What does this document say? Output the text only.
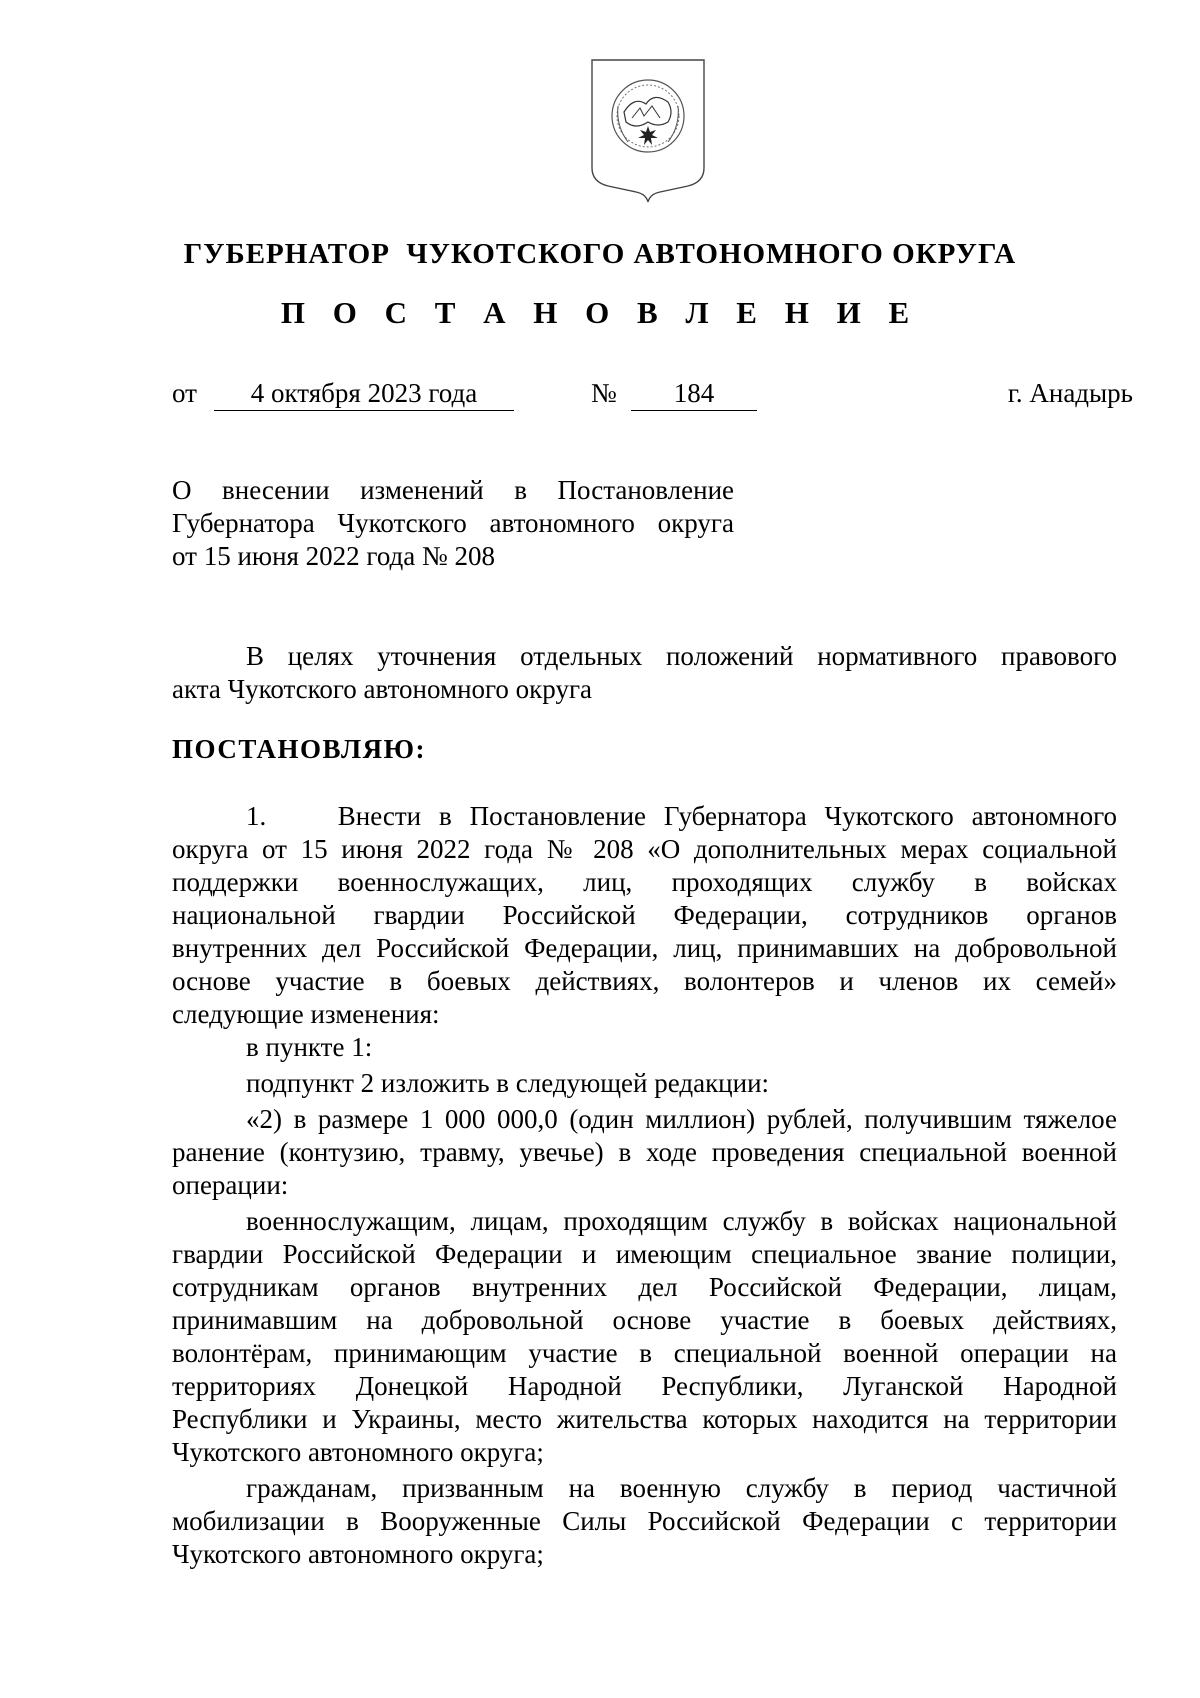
ГУБЕРНАТОР  ЧУКОТСКОГО АВТОНОМНОГО ОКРУГА
П О С Т А Н О В Л Е Н И Е
от	4 октября 2023 года	№	184	г. Анадырь
О внесении изменений в Постановление
Губернатора Чукотского автономного округа
от 15 июня 2022 года № 208
В целях уточнения отдельных положений нормативного правового
акта Чукотского автономного округа
ПОСТАНОВЛЯЮ:
1.    Внести в Постановление Губернатора Чукотского автономного
округа от 15 июня 2022 года № 208 «О дополнительных мерах социальной
поддержки военнослужащих, лиц, проходящих службу в войсках
национальной гвардии Российской Федерации, сотрудников органов
внутренних дел Российской Федерации, лиц, принимавших на добровольной
основе участие в боевых действиях, волонтеров и членов их семей»
следующие изменения:
в пункте 1:
подпункт 2 изложить в следующей редакции:
«2) в размере 1 000 000,0 (один миллион) рублей, получившим тяжелое
ранение (контузию, травму, увечье) в ходе проведения специальной военной
операции:
военнослужащим, лицам, проходящим службу в войсках национальной
гвардии Российской Федерации и имеющим специальное звание полиции,
сотрудникам органов внутренних дел Российской Федерации, лицам,
принимавшим на добровольной основе участие в боевых действиях,
волонтёрам, принимающим участие в специальной военной операции на
территориях Донецкой Народной Республики, Луганской Народной
Республики и Украины, место жительства которых находится на территории
Чукотского автономного округа;
гражданам, призванным на военную службу в период частичной
мобилизации в Вооруженные Силы Российской Федерации с территории
Чукотского автономного округа;
